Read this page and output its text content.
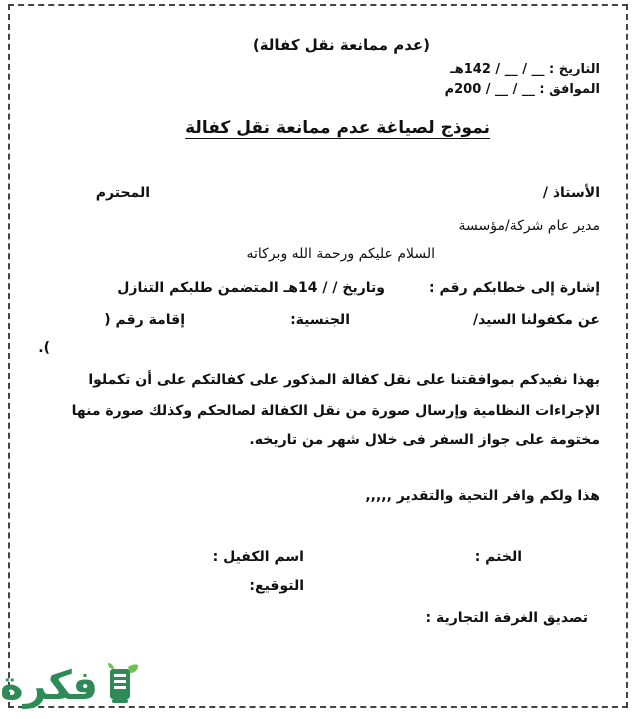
(عدم ممانعة نقل كفالة)
التاريخ : __ / __ / 142هـ
الموافق : __ / __ / 200م
نموذج لصياغة عدم ممانعة نقل كفالة
الأستاذ /
المحترم
مدير عام شركة/مؤسسة
السلام عليكم ورحمة الله وبركاته
إشارة إلى خطابكم رقم :
وتاريخ / / 14هـ المتضمن طلبكم التنازل
عن مكفولنا السيد/
الجنسية:
إقامة رقم (
).
بهذا نفيدكم بموافقتنا على نقل كفالة المذكور على كفالتكم على أن تكملوا
الإجراءات النظامية وإرسال صورة من نقل الكفالة لصالحكم وكذلك صورة منها
مختومة على جواز السفر فى خلال شهر من تاريخه.
هذا ولكم وافر التحية والتقدير ,,,,,
الختم :
اسم الكفيل :
التوقيع:
تصديق الغرفة التجارية :
فكرة
